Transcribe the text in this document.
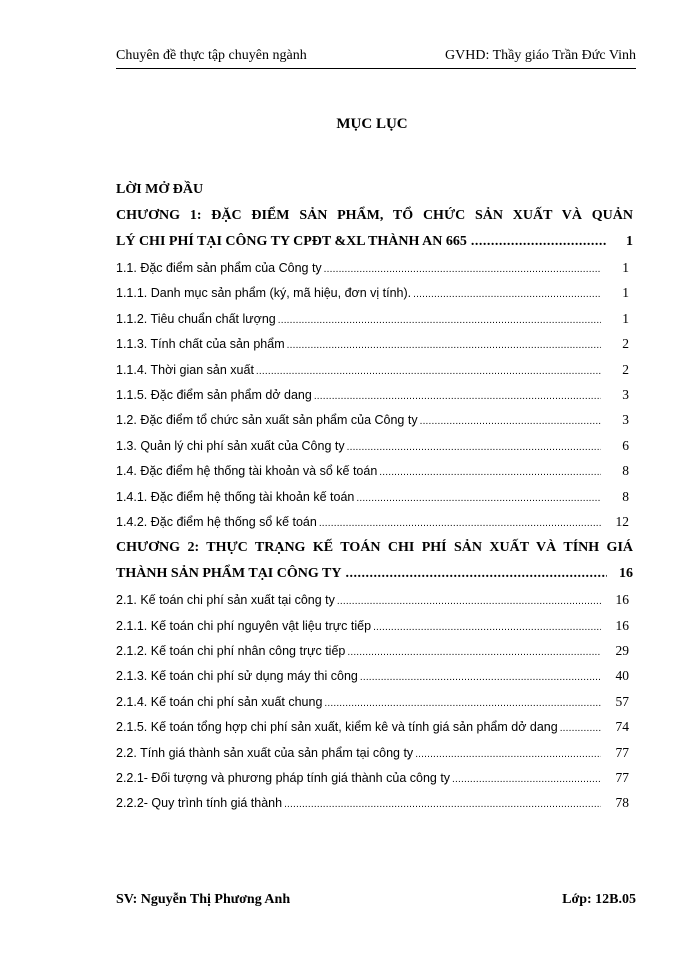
Chuyên đề thực tập chuyên ngành	GVHD: Thầy giáo Trần Đức Vinh
MỤC LỤC
LỜI MỞ ĐẦU
CHƯƠNG 1: ĐẶC ĐIỂM SẢN PHẨM, TỔ CHỨC SẢN XUẤT VÀ QUẢN
LÝ CHI PHÍ TẠI CÔNG TY CPĐT &XL THÀNH AN 665 .....	1
1.1. Đặc điểm sản phẩm của Công ty .....	1
1.1.1. Danh mục sản phẩm (ký, mã hiệu, đơn vị tính). .....	1
1.1.2. Tiêu chuẩn chất lượng .....	1
1.1.3. Tính chất của sản phẩm .....	2
1.1.4. Thời gian sản xuất .....	2
1.1.5. Đặc điểm sản phẩm dở dang .....	3
1.2. Đặc điểm tổ chức sản xuất sản phẩm của Công ty .....	3
1.3. Quản lý chi phí sản xuất của Công ty .....	6
1.4. Đặc điểm hệ thống tài khoản và sổ kế toán .....	8
1.4.1. Đặc điểm hệ thống tài khoản kế toán .....	8
1.4.2. Đặc điểm hệ thống sổ kế toán .....	12
CHƯƠNG 2: THỰC TRẠNG KẾ TOÁN CHI PHÍ SẢN XUẤT VÀ TÍNH GIÁ
THÀNH SẢN PHẨM TẠI CÔNG TY .....	16
2.1. Kế toán chi phí sản xuất tại công ty .....	16
2.1.1. Kế toán chi phí nguyên vật liệu trực tiếp .....	16
2.1.2. Kế toán chi phí nhân công trực tiếp .....	29
2.1.3. Kế toán chi phí sử dụng máy thi công .....	40
2.1.4. Kế toán chi phí sản xuất chung .....	57
2.1.5. Kế toán tổng hợp chi phí sản xuất, kiểm kê và tính giá sản phẩm dở dang .....	74
2.2. Tính giá thành sản xuất của sản phẩm tại công ty .....	77
2.2.1- Đối tượng và phương pháp tính giá thành của công ty .....	77
2.2.2- Quy trình tính giá thành .....	78
SV: Nguyễn Thị Phương Anh	Lớp: 12B.05
